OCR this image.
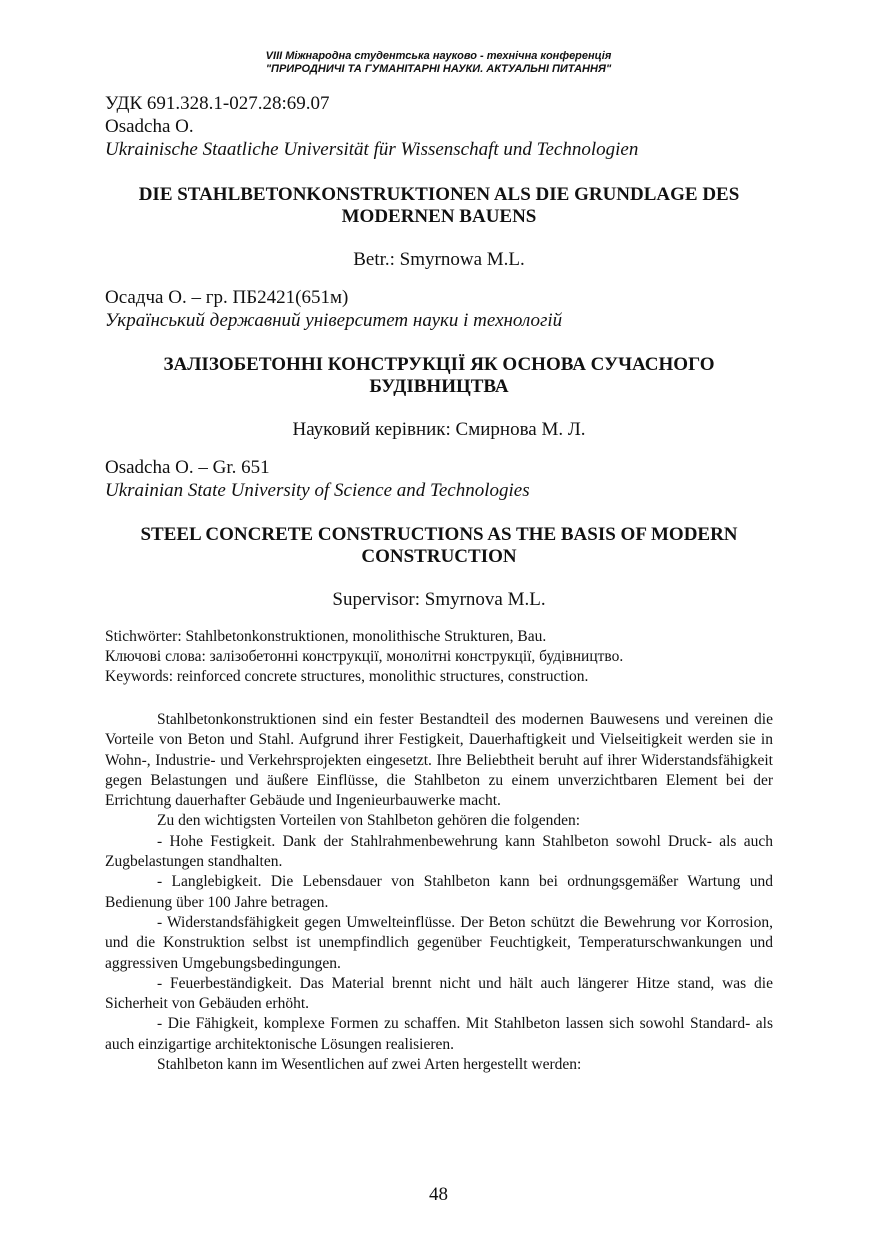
VIII Міжнародна студентська науково - технічна конференція
"ПРИРОДНИЧІ ТА ГУМАНІТАРНІ НАУКИ. АКТУАЛЬНІ ПИТАННЯ"

УДК 691.328.1-027.28:69.07

Osadcha O.

Ukrainische Staatliche Universität für Wissenschaft und Technologien

DIE STAHLBETONKONSTRUKTIONEN ALS DIE GRUNDLAGE DES MODERNEN BAUENS

Betr.: Smyrnowa M.L.

Осадча О. – гр. ПБ2421(651м)

Український державний університет науки і технологій

ЗАЛІЗОБЕТОННІ КОНСТРУКЦІЇ ЯК ОСНОВА СУЧАСНОГО БУДІВНИЦТВА

Науковий керівник: Смирнова М. Л.

Osadcha O. – Gr. 651

Ukrainian State University of Science and Technologies

STEEL CONCRETE CONSTRUCTIONS AS THE BASIS OF MODERN CONSTRUCTION

Supervisor: Smyrnova M.L.

Stichwörter: Stahlbetonkonstruktionen, monolithische Strukturen, Bau.

Ключові слова: залізобетонні конструкції, монолітні конструкції, будівництво.

Keywords: reinforced concrete structures, monolithic structures, construction.

Stahlbetonkonstruktionen sind ein fester Bestandteil des modernen Bauwesens und vereinen die Vorteile von Beton und Stahl. Aufgrund ihrer Festigkeit, Dauerhaftigkeit und Vielseitigkeit werden sie in Wohn-, Industrie- und Verkehrsprojekten eingesetzt. Ihre Beliebtheit beruht auf ihrer Widerstandsfähigkeit gegen Belastungen und äußere Einflüsse, die Stahlbeton zu einem unverzichtbaren Element bei der Errichtung dauerhafter Gebäude und Ingenieurbauwerke macht.

Zu den wichtigsten Vorteilen von Stahlbeton gehören die folgenden:

- Hohe Festigkeit. Dank der Stahlrahmenbewehrung kann Stahlbeton sowohl Druck- als auch Zugbelastungen standhalten.

- Langlebigkeit. Die Lebensdauer von Stahlbeton kann bei ordnungsgemäßer Wartung und Bedienung über 100 Jahre betragen.

- Widerstandsfähigkeit gegen Umwelteinflüsse. Der Beton schützt die Bewehrung vor Korrosion, und die Konstruktion selbst ist unempfindlich gegenüber Feuchtigkeit, Temperaturschwankungen und aggressiven Umgebungsbedingungen.

- Feuerbeständigkeit. Das Material brennt nicht und hält auch längerer Hitze stand, was die Sicherheit von Gebäuden erhöht.

- Die Fähigkeit, komplexe Formen zu schaffen. Mit Stahlbeton lassen sich sowohl Standard- als auch einzigartige architektonische Lösungen realisieren.

Stahlbeton kann im Wesentlichen auf zwei Arten hergestellt werden:

48
